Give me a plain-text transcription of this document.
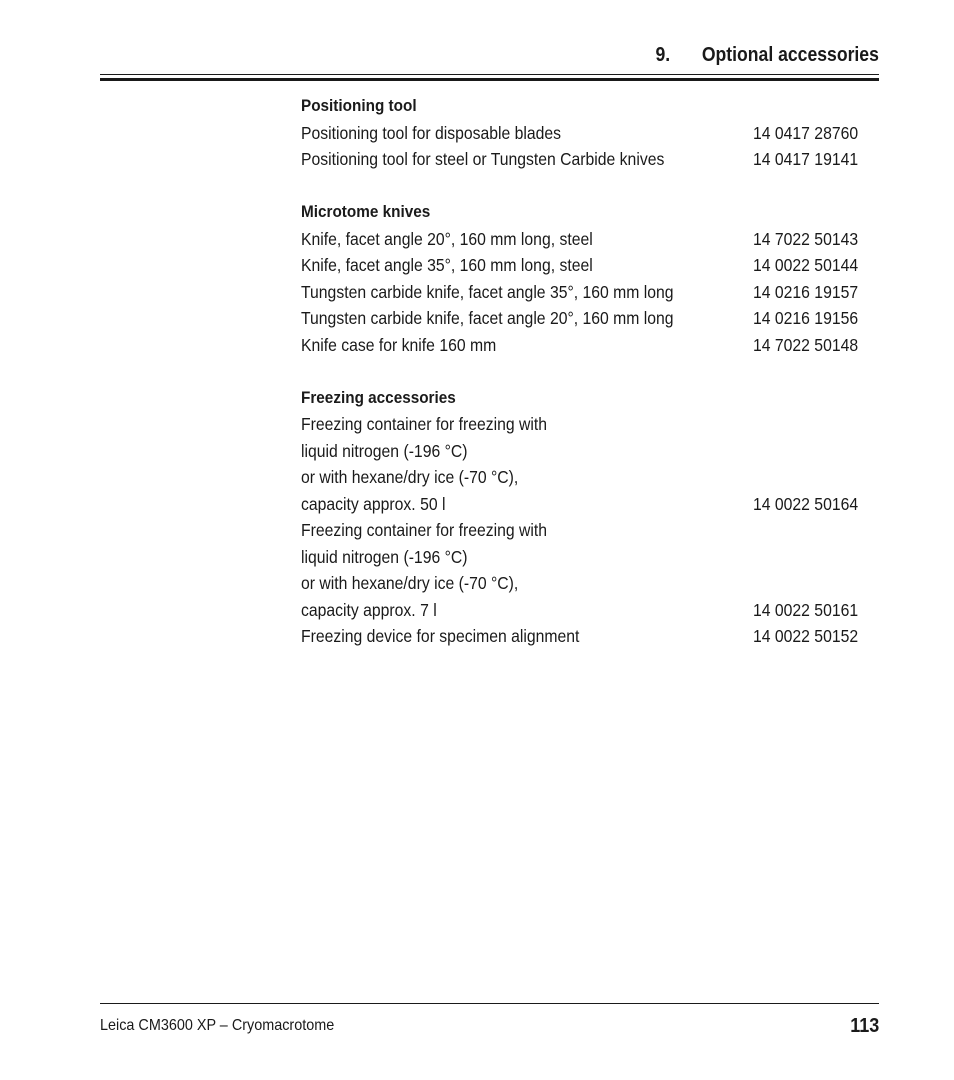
9. Optional accessories
Positioning tool
Positioning tool for disposable blades	14 0417 28760
Positioning tool for steel or Tungsten Carbide knives	14 0417 19141
Microtome knives
Knife, facet angle 20°, 160 mm long, steel	14 7022 50143
Knife, facet angle 35°, 160 mm long, steel	14 0022 50144
Tungsten carbide knife, facet angle 35°, 160 mm long	14 0216 19157
Tungsten carbide knife, facet angle 20°, 160 mm long	14 0216 19156
Knife case for knife 160 mm	14 7022 50148
Freezing accessories
Freezing container for freezing with
liquid nitrogen (-196 °C)
or with hexane/dry ice (-70 °C),
capacity approx. 50 l	14 0022 50164
Freezing container for freezing with
liquid nitrogen (-196 °C)
or with hexane/dry ice (-70 °C),
capacity approx. 7 l	14 0022 50161
Freezing device for specimen alignment	14 0022 50152
Leica CM3600 XP – Cryomacrotome	113
